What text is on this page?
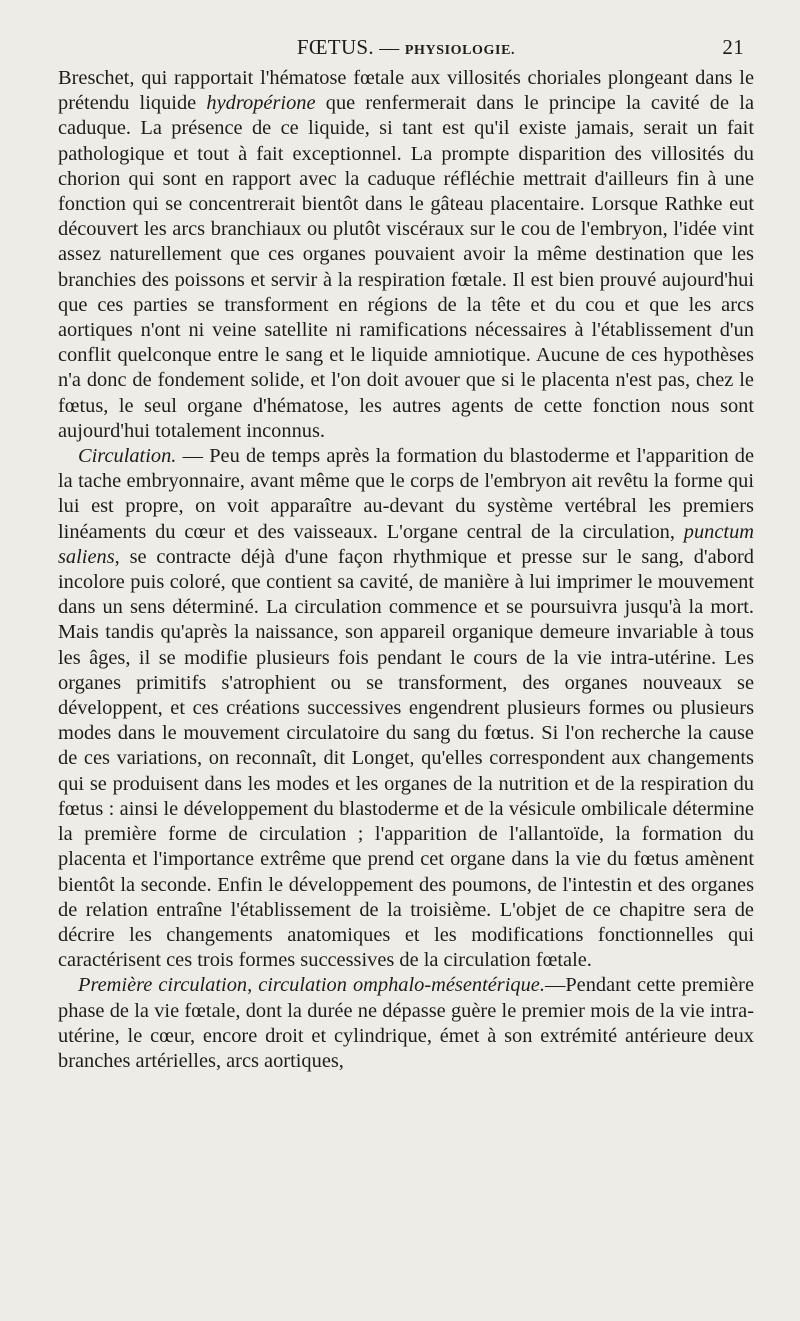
FŒTUS. — PHYSIOLOGIE.	21

Breschet, qui rapportait l'hématose fœtale aux villosités choriales plongeant dans le prétendu liquide hydropérione que renfermerait dans le principe la cavité de la caduque. La présence de ce liquide, si tant est qu'il existe jamais, serait un fait pathologique et tout à fait exceptionnel. La prompte disparition des villosités du chorion qui sont en rapport avec la caduque réfléchie mettrait d'ailleurs fin à une fonction qui se concentrerait bientôt dans le gâteau placentaire. Lorsque Rathke eut découvert les arcs branchiaux ou plutôt viscéraux sur le cou de l'embryon, l'idée vint assez naturellement que ces organes pouvaient avoir la même destination que les branchies des poissons et servir à la respiration fœtale. Il est bien prouvé aujourd'hui que ces parties se transforment en régions de la tête et du cou et que les arcs aortiques n'ont ni veine satellite ni ramifications nécessaires à l'établissement d'un conflit quelconque entre le sang et le liquide amniotique. Aucune de ces hypothèses n'a donc de fondement solide, et l'on doit avouer que si le placenta n'est pas, chez le fœtus, le seul organe d'hématose, les autres agents de cette fonction nous sont aujourd'hui totalement inconnus.

Circulation. — Peu de temps après la formation du blastoderme et l'apparition de la tache embryonnaire, avant même que le corps de l'embryon ait revêtu la forme qui lui est propre, on voit apparaître au-devant du système vertébral les premiers linéaments du cœur et des vaisseaux. L'organe central de la circulation, punctum saliens, se contracte déjà d'une façon rhythmique et presse sur le sang, d'abord incolore puis coloré, que contient sa cavité, de manière à lui imprimer le mouvement dans un sens déterminé. La circulation commence et se poursuivra jusqu'à la mort. Mais tandis qu'après la naissance, son appareil organique demeure invariable à tous les âges, il se modifie plusieurs fois pendant le cours de la vie intra-utérine. Les organes primitifs s'atrophient ou se transforment, des organes nouveaux se développent, et ces créations successives engendrent plusieurs formes ou plusieurs modes dans le mouvement circulatoire du sang du fœtus. Si l'on recherche la cause de ces variations, on reconnaît, dit Longet, qu'elles correspondent aux changements qui se produisent dans les modes et les organes de la nutrition et de la respiration du fœtus : ainsi le développement du blastoderme et de la vésicule ombilicale détermine la première forme de circulation ; l'apparition de l'allantoïde, la formation du placenta et l'importance extrême que prend cet organe dans la vie du fœtus amènent bientôt la seconde. Enfin le développement des poumons, de l'intestin et des organes de relation entraîne l'établissement de la troisième. L'objet de ce chapitre sera de décrire les changements anatomiques et les modifications fonctionnelles qui caractérisent ces trois formes successives de la circulation fœtale.

Première circulation, circulation omphalo-mésentérique.—Pendant cette première phase de la vie fœtale, dont la durée ne dépasse guère le premier mois de la vie intra-utérine, le cœur, encore droit et cylindrique, émet à son extrémité antérieure deux branches artérielles, arcs aortiques,
